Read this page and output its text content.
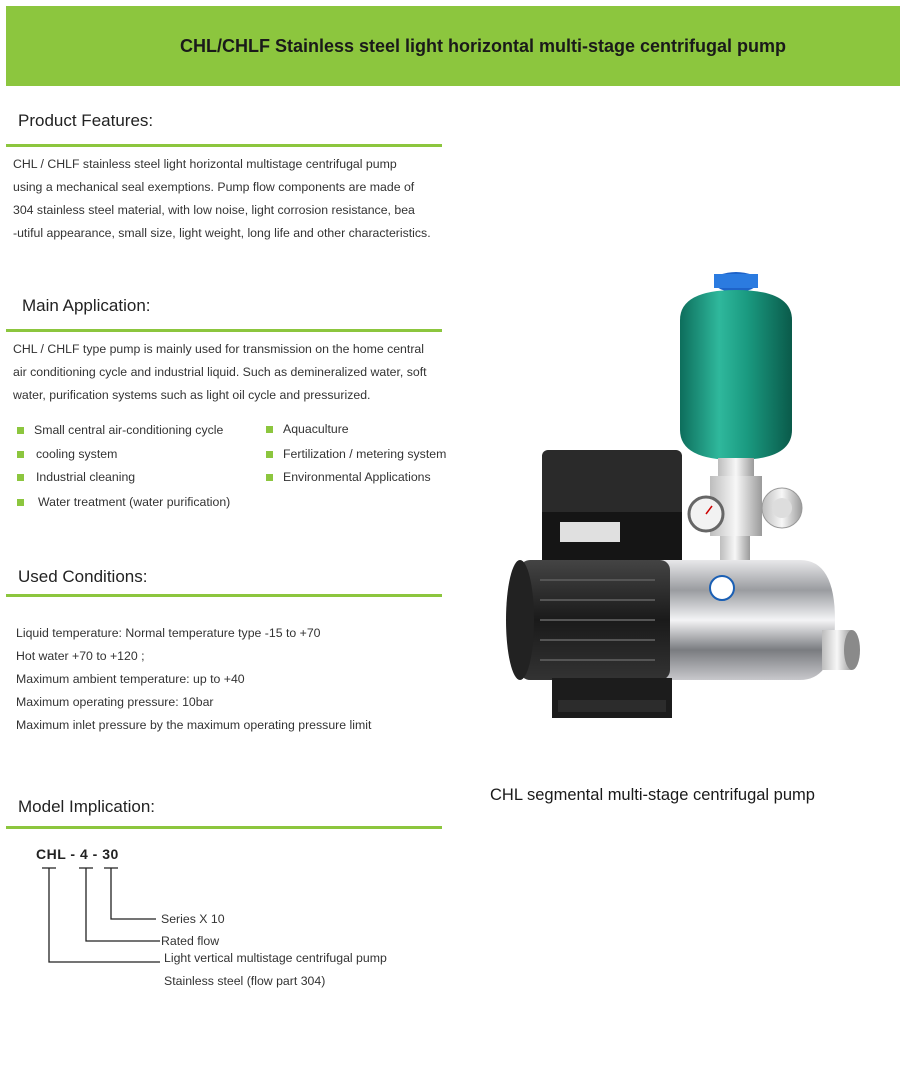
CHL/CHLF Stainless steel light horizontal multi-stage centrifugal pump
Product Features:
CHL / CHLF stainless steel light horizontal multistage centrifugal pump
using a mechanical seal exemptions. Pump flow components are made of
304 stainless steel material, with low noise, light corrosion resistance, bea
-utiful appearance, small size, light weight, long life and other characteristics.
Main Application:
CHL / CHLF type pump is mainly used for transmission on the home central
air conditioning cycle and industrial liquid. Such as demineralized water, soft
water, purification systems such as light oil cycle and pressurized.
Small central air-conditioning cycle
cooling system
Industrial cleaning
Water treatment (water purification)
Aquaculture
Fertilization / metering system
Environmental Applications
Used Conditions:
Liquid temperature: Normal temperature type -15 to +70
Hot water +70 to +120 ;
Maximum ambient temperature: up to +40
Maximum operating pressure: 10bar
Maximum inlet pressure by the maximum operating pressure limit
Model Implication:
CHL - 4 - 30
Series X 10
Rated flow
Light vertical multistage centrifugal pump
Stainless steel (flow part 304)
CHL segmental multi-stage centrifugal pump
